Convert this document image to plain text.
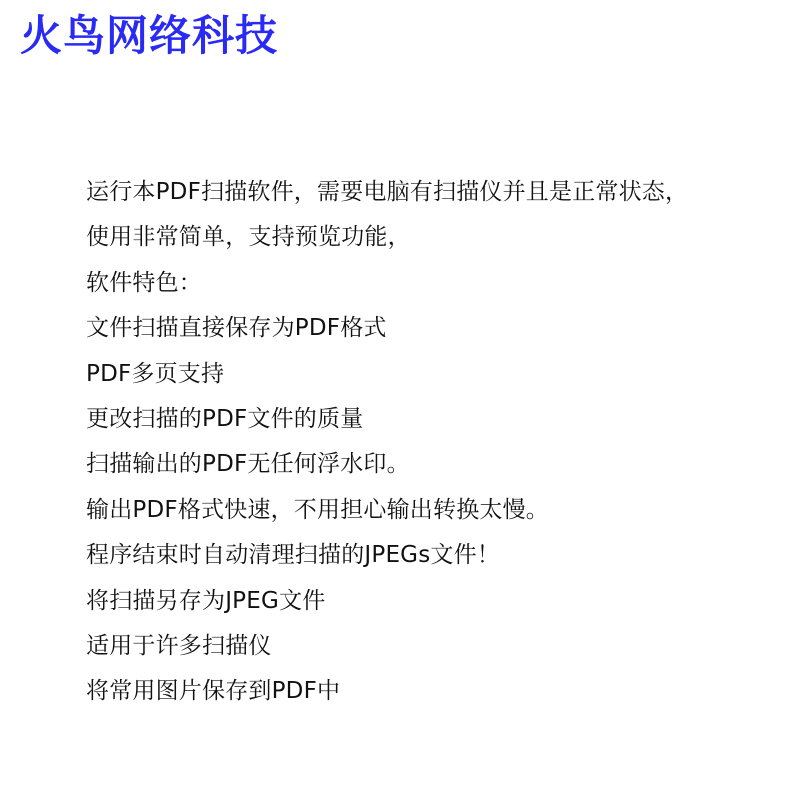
火鸟网络科技
运行本PDF扫描软件，需要电脑有扫描仪并且是正常状态，
使用非常简单，支持预览功能，
软件特色：
文件扫描直接保存为PDF格式
PDF多页支持
更改扫描的PDF文件的质量
扫描输出的PDF无任何浮水印。
输出PDF格式快速，不用担心输出转换太慢。
程序结束时自动清理扫描的JPEGs文件！
将扫描另存为JPEG文件
适用于许多扫描仪
将常用图片保存到PDF中
